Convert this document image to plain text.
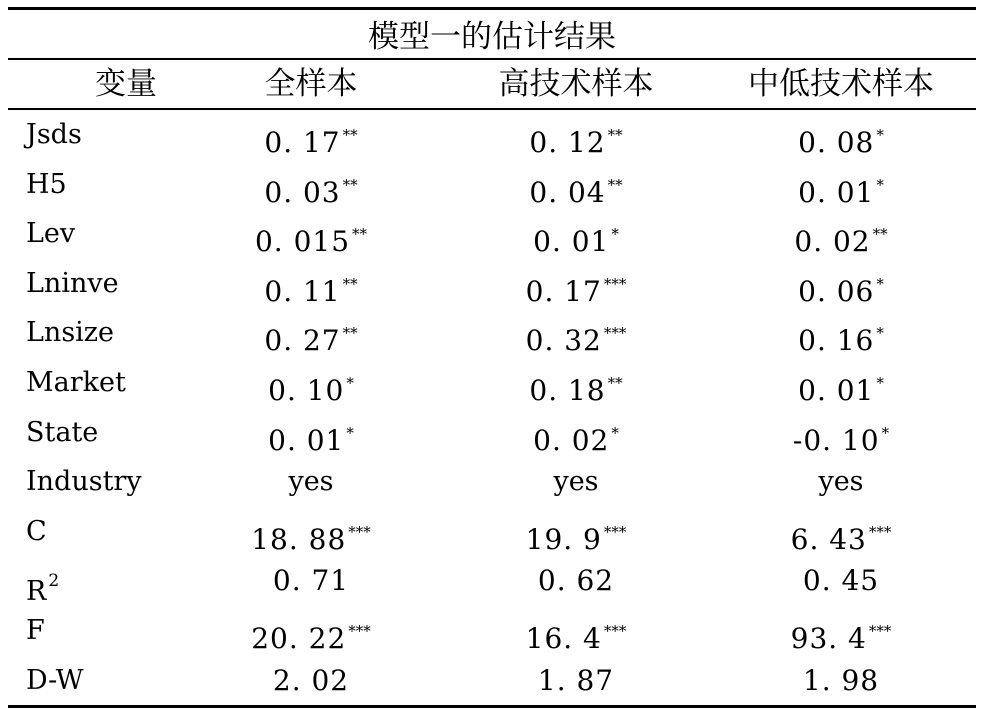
模型一的估计结果
变量	全样本	高技术样本	中低技术样本
Jsds	0. 17 **	0. 12 **	0. 08 *
H5	0. 03 **	0. 04 **	0. 01 *
Lev	0. 015 **	0. 01 *	0. 02 **
Lninve	0. 11 **	0. 17 ***	0. 06 *
Lnsize	0. 27 **	0. 32 ***	0. 16 *
Market	0. 10 *	0. 18 **	0. 01 *
State	0. 01 *	0. 02 *	-0. 10 *
Industry	yes	yes	yes
C	18. 88 ***	19. 9 ***	6. 43 ***
R $^2$	0. 71	0. 62	0. 45
F	20. 22 ***	16. 4 ***	93. 4 ***
D-W	2. 02	1. 87	1. 98
